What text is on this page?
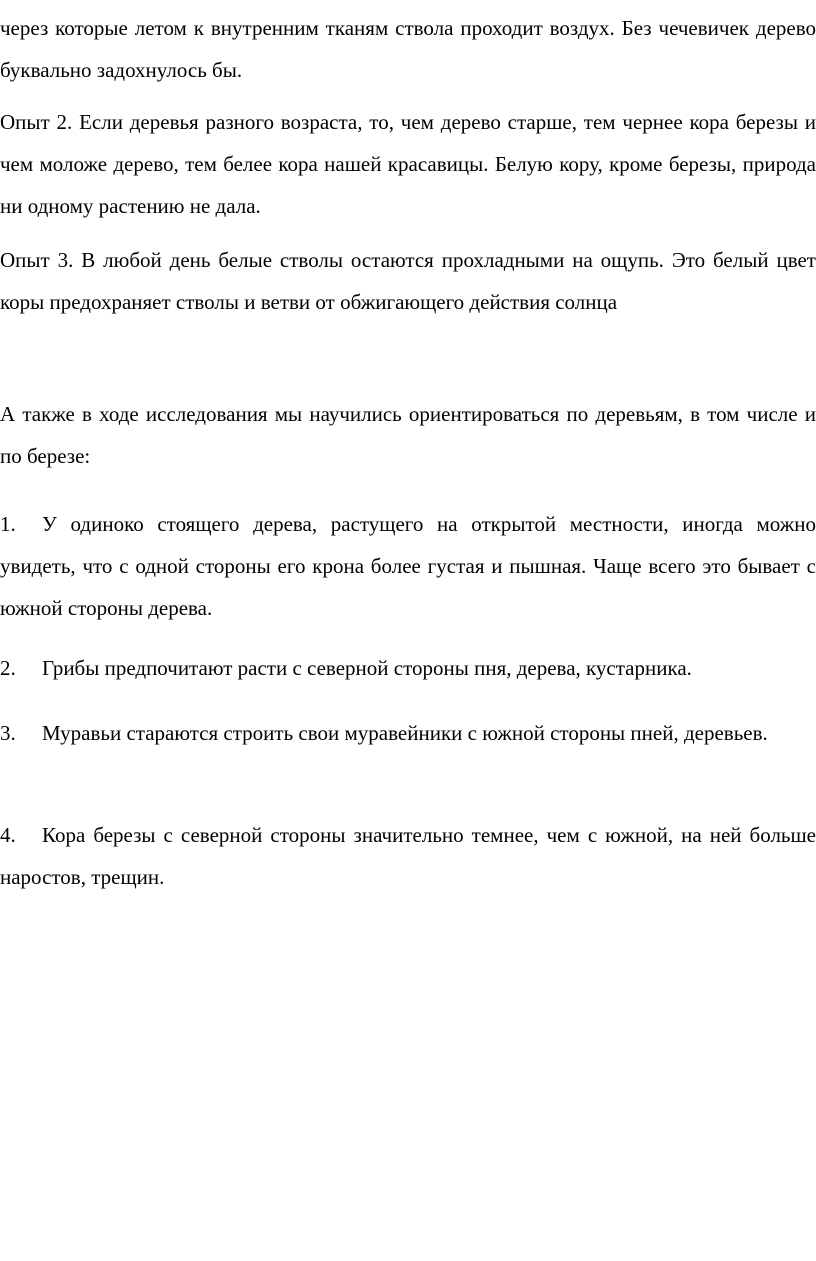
через которые летом к внутренним тканям ствола проходит воздух. Без чечевичек дерево буквально задохнулось бы.

Опыт 2. Если деревья разного возраста, то, чем дерево старше, тем чернее кора березы и чем моложе дерево, тем белее кора нашей красавицы. Белую кору, кроме березы, природа ни одному растению не дала.

Опыт 3. В любой день белые стволы остаются прохладными на ощупь. Это белый цвет коры предохраняет стволы и ветви от обжигающего действия солнца

А также в ходе исследования мы научились ориентироваться по деревьям, в том числе и по березе:

1. У одиноко стоящего дерева, растущего на открытой местности, иногда можно увидеть, что с одной стороны его крона более густая и пышная. Чаще всего это бывает с южной стороны дерева.

2. Грибы предпочитают расти с северной стороны пня, дерева, кустарника.

3. Муравьи стараются строить свои муравейники с южной стороны пней, деревьев.

4. Кора березы с северной стороны значительно темнее, чем с южной, на ней больше наростов, трещин.
